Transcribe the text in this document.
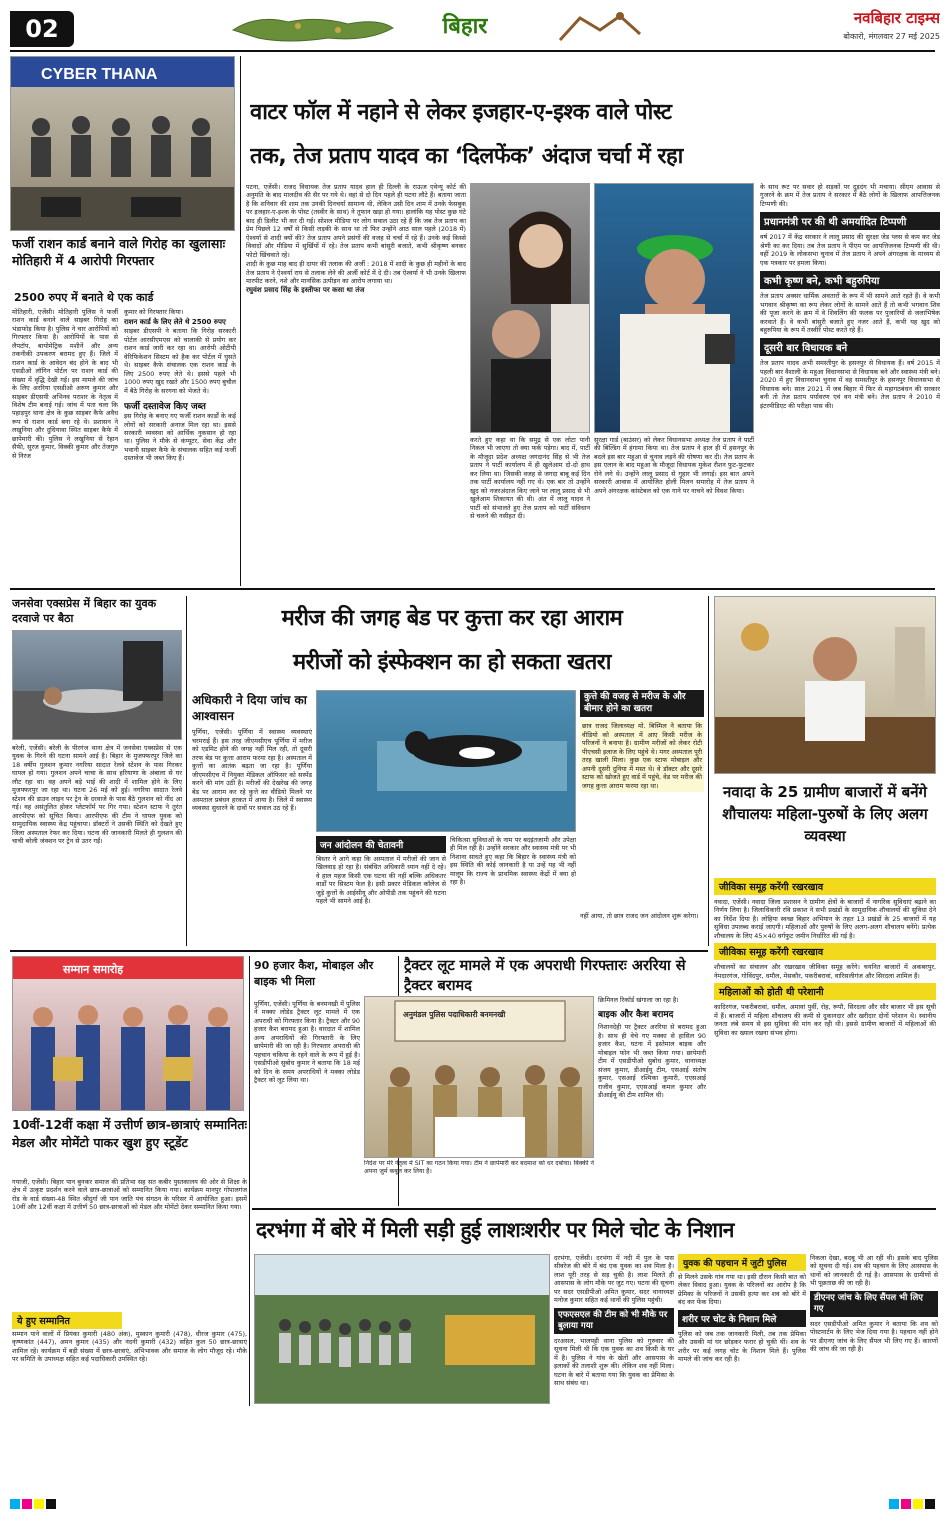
02	बिहार	नवबिहार टाइम्स
बोकारो, मंगलवार 27 मई 2025
CYBER THANA
फर्जी राशन कार्ड बनाने वाले गिरोह का खुलासाः मोतिहारी में 4 आरोपी गिरफ्तार
2500 रुपए में बनाते थे एक कार्ड
मोतिहारी, एजेंसी। मोतिहारी पुलिस ने फर्जी राशन कार्ड बनाने वाले साइबर गिरोह का भंडाफोड़ किया है। पुलिस ने चार आरोपियों को गिरफ्तार किया है। आरोपियों के पास से लैपटॉप, बायोमेट्रिक मशीनें और अन्य तकनीकी उपकरण बरामद हुए हैं। जिले में राशन कार्ड के आवेदन बंद होने के बाद भी एसडीओ लॉगिन पोर्टल पर राशन कार्ड की संख्या में वृद्धि देखी गई। इस मामले की जांच के लिए अररिया एसडीओ अरुण कुमार और साइबर डीएसपी अभिनव पराशर के नेतृत्व में विशेष टीम बनाई गई। जांच में पता चला कि पहाड़पुर थाना क्षेत्र के कुछ साइबर कैफे अवैध रूप से राशन कार्ड बना रहे थे। प्रशासन ने लखुनिया और दुधियावा स्थित साइबर कैफे में छापेमारी की। पुलिस ने लखुनिया से रेहान सैफी, सुरज कुमार, विक्की कुमार और तेजगुरु से निरज
कुमार को गिरफ्तार किया।
राशन कार्ड के लिए लेते थे 2500 रुपए
साइबर डीएसपी ने बताया कि गिरोह सरकारी पोर्टल आरसीएमएस को चालाकी से प्रयोग कर राशन कार्ड जारी कर रहा था। आरोपी ओटीपी वेरिफिकेशन सिस्टम को हैक कर पोर्टल में घुसते थे। साइबर कैफे संचालक एक राशन कार्ड के लिए 2500 रुपए लेते थे। इससे पहले भी 1000 रुपए खुद रखते और 1500 रुपए बुचौल में बैठे गिरोह के सरगना को भेजते थे।
फर्जी दस्तावेज किए जब्त
इस गिरोह के बनाए गए फर्जी राशन कार्डों के कई लोगों को सरकारी अनाज मिल रहा था। इससे सरकारी व्यवस्था को आर्थिक नुकसान हो रहा था। पुलिस ने मौके से कंप्यूटर, सेवा केंद्र और भवानी साइबर कैफे के संचालक सहित कई फर्जी दस्तावेज भी जब्त किए हैं।
वाटर फॉल में नहाने से लेकर इजहार-ए-इश्क वाले पोस्ट
तक, तेज प्रताप यादव का ‘दिलफेंक’ अंदाज चर्चा में रहा

पटना, एजेंसी। राजद विधायक तेज प्रताप यादव हाल ही दिल्ली के राऊज एवेन्यू कोर्ट की अनुमति के बाद मालदीव की सैर पर गये थे। वहां से दो दिन पहले ही पटना लौटे हैं। बताया जाता है कि शनिवार की शाम तक उनकी दिनचर्या सामान्य थी, लेकिन उसी दिन शाम में उनके फेसबुक पर इजहार-ए-इश्क के पोस्ट (तस्वीर के साथ) ने तूफान खड़ा हो गया। हालांकि यह पोस्ट कुछ घंटे बाद ही डिलीट भी कर दी गई। सोशल मीडिया पर लोग सवाल उठा रहे हैं कि जब तेज प्रताप का प्रेम पिछले 12 वर्षों से किसी लड़की के साथ था तो फिर उन्होंने आठ साल पहले (2018 में) ऐश्वर्या से शादी क्यों की? तेज प्रताप अपने प्रसंगों की वजह से चर्चा में रहे हैं। उनके कई किस्से विवादों और मीडिया में सुर्खियों में रहे। तेज प्रताप कभी बांसुरी बजाते, कभी श्रीकृष्ण बनकर फोटो खिंचवाते रहे।

शादी के कुछ माह बाद ही दायर की तलाक की अर्जी : 2018 में शादी के कुछ ही महीनों के बाद तेज प्रताप ने ऐश्वर्या राय से तलाक लेने की अर्जी कोर्ट में दे दी। तब ऐश्वर्या ने भी उनके खिलाफ मारपीट करने, नशे और मानसिक उत्पीड़न का आरोप लगाया था।

रघुवंश प्रसाद सिंह के इस्तीफा पर कसा था तंज

करते हुए कहा था कि समुद्र से एक लोटा पानी निकल भी जाएगा तो क्या फर्क पड़ेगा। बाद में, पार्टी के मौजूदा प्रदेश अध्यक्ष जगदानंद सिंह से भी तेज प्रताप ने पार्टी कार्यालय में ही खुलेआम दो-दो हाथ कर लिया था। जिसकी वजह से जगदा बाबू कई दिन तक पार्टी कार्यालय नहीं गए थे। एक बार तो उन्होंने खुद को नजरअंदाज किए जाने पर लालू प्रसाद से भी खुलेआम शिकायत की थी। अंत में लालू यादव ने पार्टी को संभालते हुए तेज प्रताप को पार्टी संविधान से चलने की नसीहत दी।
सुरक्षा गार्ड (बाउंसर) को लेकर विधानसभा अध्यक्ष तेज प्रताप ने पार्टी की बिल्डिंग में हंगामा किया था। तेज प्रताप ने हाल ही में हसनपुर के बदले इस बार महुआ से चुनाव लड़ने की घोषणा कर दी। तेज प्रताप के इस एलान के बाद महुआ के मौजूदा विधायक मुकेश रौशन फुट-फुटकर रोने लगे थे। उन्होंने लालू प्रसाद से गुहार भी लगाई। इस बात अपने सरकारी आवास में आयोजित होली मिलन समारोह में तेज प्रताप ने अपने अंगरक्षक कांस्टेबल को एक गाने पर नाचने को विवश किया।
के साथ रूट पर सवार हो सड़कों पर दुड़दंग भी मचाया। सीएम आवास से गुजरने के क्रम में तेज प्रताप ने सरकार में बैठे लोगों के खिलाफ आपत्तिजनक टिप्पणी की।
प्रधानमंत्री पर की थी अमर्यादित टिप्पणी
वर्ष 2017 में केंद्र सरकार ने लालू प्रसाद की सुरक्षा जेड प्लस से कम कर जेड श्रेणी का कर दिया। तब तेज प्रताप ने पीएम पर आपत्तिजनक टिप्पणी की थी। वहीं 2019 के लोकसभा चुनाव में तेज प्रताप ने अपने अंगरक्षक के माध्यम से एक पत्रकार पर हमला किया।
कभी कृष्ण बने, कभी बहुरुपिया
तेज प्रताप अक्सर धार्मिक अवतारों के रूप में भी सामने आते रहते हैं। वे कभी भगवान श्रीकृष्ण का रूप लेकर लोगों के सामने आते हैं तो कभी भगवान शिव की पूजा करने के क्रम में वे शिवलिंग की फलक पर पुजारियों से जलाभिषेक करवाते हैं। वे कभी बांसुरी बजाते हुए नजर आते हैं, कभी यह खुद को बहुरुपिया के रूप में तस्वीरें पोस्ट करते रहे हैं।
दूसरी बार विधायक बने
तेज प्रताप यादव अभी समस्तीपुर के हसनपुर से विधायक हैं। वर्ष 2015 में पहली बार वैशाली के महुआ विधानसभा से विधायक बने और स्वास्थ्य मंत्री बने। 2020 में हुए विधानसभा चुनाव में वह समस्तीपुर के हसनपुर विधानसभा से विधायक बने। साल 2021 में जब बिहार में फिर से महागठबंधन की सरकार बनी तो तेज प्रताप पर्यावरण एवं वन मंत्री बने। तेज प्रताप ने 2010 में इंटरमीडिएट की परीक्षा पास की।
जनसेवा एक्सप्रेस में बिहार का युवक दरवाजे पर बैठा
बरेली, एजेंसी। बरेली के पीरगंज थाना क्षेत्र में जनसेवा एक्सप्रेस से एक युवक के गिरने की घटना सामने आई है। बिहार के मुजफ्फरपुर जिले का 18 वर्षीय गुलशन कुमार नगरिया सादात रेलवे स्टेशन के पास गिरकर घायल हो गया। गुलशन अपने चाचा के साथ हरियाणा के अंबाला से घर लौट रहा था। वह अपने बड़े भाई की शादी में शामिल होने के लिए मुजफ्फरपुर जा रहा था। घटना 26 मई को हुई। नगरिया सादात रेलवे स्टेशन की डाउन लाइन पर ट्रेन के दरवाजे के पास बैठे गुलशन को नींद आ गई। वह असंतुलित होकर प्लेटफॉर्म पर गिर गया। स्टेशन स्टाफ ने तुरंत आरपीएफ को सूचित किया। आरपीएफ की टीम ने घायल युवक को सामुदायिक स्वास्थ्य केंद्र पहुंचाया। डॉक्टरों ने उसकी स्थिति को देखते हुए जिला अस्पताल रेफर कर दिया। घटना की जानकारी मिलते ही गुलशन की चाची बरेली जंक्शन पर ट्रेन से उतर गईं।
मरीज की जगह बेड पर कुत्ता कर रहा आराम
मरीजों को इंस्फेक्शन का हो सकता खतरा
अधिकारी ने दिया जांच का आश्वासन
पूर्णिया, एजेंसी। पूर्णिया में स्वास्थ्य व्यवस्थाएं चरमराई हैं। इस तरह जीएमसीएच पूर्णिया में मरीज को एडमिट होने की जगह नहीं मिल रही, तो दूसरी तरफ बेड पर कुत्ता आराम फरमा रहा है। अस्पताल में कुत्तों का आतंक बढ़ता जा रहा है। पूर्णिया जीएमसीएच में नियुक्त मेडिकल ऑफिसर को सस्पेंड करने की मांग उठी है। मरीजों की देखरेख की जगह बेड पर आराम कर रहे कुत्ते का वीडियो मिलने पर अस्पताल प्रबंधन हरकत में आया है। जिले में स्वास्थ्य व्यवस्था सुधारने के दावों पर सवाल उठ रहे हैं।
कुत्ते की वजह से मरीज के और बीमार होने का खतरा
छात्र राजद जिलाध्यक्ष मो. बिस्मिल ने बताया कि वीडियो को अस्पताल में आए किसी मरीज के परिजनों ने बनाया है। ग्रामीण मरीजों को लेकर रोटी पीएचसी इलाज के लिए पहुंचे थे। मगर अस्पताल पूरी तरह खाली मिला। कुछ एक स्टाफ मोबाइल और अपनी दूसरी दुनिया में मस्त थे। वे डॉक्टर और दूसरे स्टाफ को खोजते हुए वार्ड में पहुंचे, वेड पर मरीज की जगह कुत्ता आराम फरमा रहा था।
जन आंदोलन की चेतावनी
बिस्तर ने आगे कहा कि अस्पताल में मरीजों की जान से खिलवाड़ हो रहा है। संबंधित अधिकारी ध्यान नहीं दे रहे। वे हाल महज किसी एक घटना की नहीं बल्कि अधिकतर वार्डों पर सिस्टम फेल है। इसी प्रकार मेडिकल कॉलेज से जुड़े कुत्तों के आईसीयू और ओपीडी तक पहुंचने की घटना पहले भी सामने आई है।
चिकित्सा सुविधाओं के नाम पर बदइंतजामी और उपेक्षा ही मिल रही है। उन्होंने सरकार और स्वास्थ्य मंत्री पर भी निशाना साधते हुए कहा कि बिहार के स्वास्थ्य मंत्री को इस स्थिति की कोई जानकारी है या उन्हें यह भी नहीं मालूम कि राज्य के प्राथमिक स्वास्थ्य केंद्रों में क्या हो रहा है।
नहीं आया, तो छात्र राजद जन आंदोलन शुरू करेगा।
नवादा के 25 ग्रामीण बाजारों में बनेंगे शौचालयः महिला-पुरुषों के लिए अलग व्यवस्था
जीविका समूह करेंगी रखरखाव
नवादा, एजेंसी। नवादा जिला प्रशासन ने ग्रामीण क्षेत्रों के बाजारों में नागरिक सुविधाएं बढ़ाने का निर्णय लिया है। जिलाधिकारी रवि प्रकाश ने सभी प्रखंडों के सामुदायिक शौचालयों की सुविधा देने का निर्देश दिया है। लोहिया स्वच्छ बिहार अभियान के तहत 13 प्रखंडों के 25 बाजारों में यह सुविधा उपलब्ध कराई जाएगी। महिलाओं और पुरुषों के लिए अलग-अलग शौचालय बनेंगे। प्रत्येक शौचालय के लिए 45×40 वर्गफुट जमीन निर्धारित की गई है।
जीविका समूह करेंगी रखरखाव
शौचालयों का संचालन और रखरखाव जीविका समूह करेंगे। चयनित बाजारों में अकबरपुर, नेमदारगंज, गोविंदपुर, धमौल, मेसकौर, पकरीबरावां, वारिसलीगंज और सिरदला शामिल हैं।
महिलाओं को होती थी परेशानी
कादिरगंज, पकरीबरावां, धमौल, अमावां पुर्वी, रोह, रूपौ, सिरदला और सौर बाजार भी इस सूची में हैं। बाजारों में महिला शौचालय की कमी से दुकानदार और खरीदार दोनों परेशान थे। स्थानीय जनता लंबे समय से इस सुविधा की मांग कर रही थी। इससे ग्रामीण बाजारों में महिलाओं की सुविधा का ख्याल रखना संभव होगा।
सम्मान समारोह
10वीं-12वीं कक्षा में उत्तीर्ण छात्र-छात्राएं सम्मानितः मेडल और मोमेंटो पाकर खुश हुए स्टूडेंट
गयाजी, एजेंसी। बिहार पान बुनकर समाज की प्रतिभा सह सत कबीर पुस्तकालय की ओर से शिक्षा के क्षेत्र में उत्कृष्ट प्रदर्शन करने वाले छात्र-छात्राओं को सम्मानित किया गया। कार्यक्रम मानपुर गोपालगंज रोड के वार्ड संख्या-48 स्थित श्रीदुर्गा जी पान जाति पंच संगठन के परिसर में आयोजित हुआ। इसमें 10वीं और 12वीं कक्षा में उत्तीर्ण 50 छात्र-छात्राओं को मेडल और मोमेंटो देकर सम्मानित किया गया।
ये हुए सम्मानित
सम्मान पाने वालों में प्रियंका कुमारी (480 अंक), मुस्कान कुमारी (478), धीरज कुमार (475), कृष्णकांत (447), अमन कुमार (435) और नंदनी कुमारी (432) सहित कुल 50 छात्र-छात्राएं शामिल रहे। कार्यक्रम में बड़ी संख्या में छात्र-छात्राएं, अभिभावक और समाज के लोग मौजूद रहे। मौके पर समिति के उपाध्यक्ष सहित कई पदाधिकारी उपस्थित रहे।
90 हजार कैश, मोबाइल और बाइक भी मिला
पूर्णिया, एजेंसी। पूर्णिया के बनमनखी में पुलिस ने मक्का लोडेड ट्रैक्टर लूट मामले में एक अपराधी को गिरफ्तार किया है। ट्रैक्टर और 90 हजार कैश बरामद हुआ है। वारदात में शामिल अन्य अपराधियों की गिरफ्तारी के लिए छापेमारी की जा रही है। गिरफ्तार अपराधी की पहचान चकिया के रहने वाले के रूप में हुई है। एसडीपीओ सुबोध कुमार ने बताया कि 18 मई को दिन के समय अपराधियों ने मक्का लोडेड ट्रैक्टर को लूट लिया था।
ट्रैक्टर लूट मामले में एक अपराधी गिरफ्तारः अररिया से ट्रैक्टर बरामद
अनुमंडल पुलिस पदाधिकारी बनमनखी
निर्देश पर मेरे नेतृत्व में SIT का गठन किया गया। टीम ने छापेमारी कर बदमाश को धर दबोचा। बिक्की ने अपना जुर्म कबूल कर लिया है।
क्रिमिनल रिकॉर्ड खंगाला जा रहा है।
बाइक और कैश बरामद
निशानदेही पर ट्रैक्टर अररिया से बरामद हुआ है। साथ ही वेचे गए मक्का से हासिल 90 हजार कैश, घटना में इस्तेमाल बाइक और मोबाइल फोन भी जब्त किया गया। छापेमारी टीम में एसडीपीओ सुबोध कुमार, थानाध्यक्ष संजय कुमार, डीआईयू टीम, एसआई संतोष कुमार, एसआई रश्मिका कुमारी, एएसआई राजीव कुमार, एएसआई कमल कुमार और डीआईयू की टीम शामिल थी।
दरभंगा में बोरे में मिली सड़ी हुई लाशःशरीर पर मिले चोट के निशान
दरभंगा, एजेंसी। दरभंगा में नदी में पुल के पास सीवरेज की बोरे में बंद एक युवक का शव मिला है। लाश पूरी तरह से सड़ चुकी है। लाश मिलते ही आसपास के लोग मौके पर जुट गए। घटना की सूचना पर सदर एसडीपीओ अमित कुमार, सदर थानाध्यक्ष मनोज कुमार सहित कई थानों की पुलिस पहुंची।
एफएसएल की टीम को भी मौके पर बुलाया गया
दरअसल, भालपट्टी थाना पुलिस को गुरुवार की सूचना मिली थी कि एक युवक का शव किसी के घर में है। पुलिस ने गांव के खेतों और आसपास के इलाकों की तलाशी शुरू की। लेकिन शव नहीं मिला। घटना के बारे में बताया गया कि युवक का प्रेमिका के साथ संबंध था।
युवक की पहचान में जुटी पुलिस
से मिलने उसके गांव गया था। इसी दौरान किसी बात को लेकर विवाद हुआ। युवक के परिजनों का आरोप है कि प्रेमिका के परिजनों ने उसकी हत्या कर शव को बोरे में बंद कर फेंक दिया।
शरीर पर चोट के निशान मिले
पुलिस को जब तक जानकारी मिली, तब तक प्रेमिका और उसकी मां घर छोड़कर फरार हो चुकी थीं। शव के शरीर पर कई जगह चोट के निशान मिले हैं। पुलिस मामले की जांच कर रही है।
निकला देखा, बदबू भी आ रही थी। इसके बाद पुलिस को सूचना दी गई। शव की पहचान के लिए आसपास के थानों को जानकारी दी गई है। आसपास के ग्रामीणों से भी पूछताछ की जा रही है।
डीएनए जांच के लिए सैंपल भी लिए गए
सदर एसडीपीओ अमित कुमार ने बताया कि शव को पोस्टमार्टम के लिए भेज दिया गया है। पहचान नहीं होने पर डीएनए जांच के लिए सैंपल भी लिए गए हैं। कारणों की जांच की जा रही है।
